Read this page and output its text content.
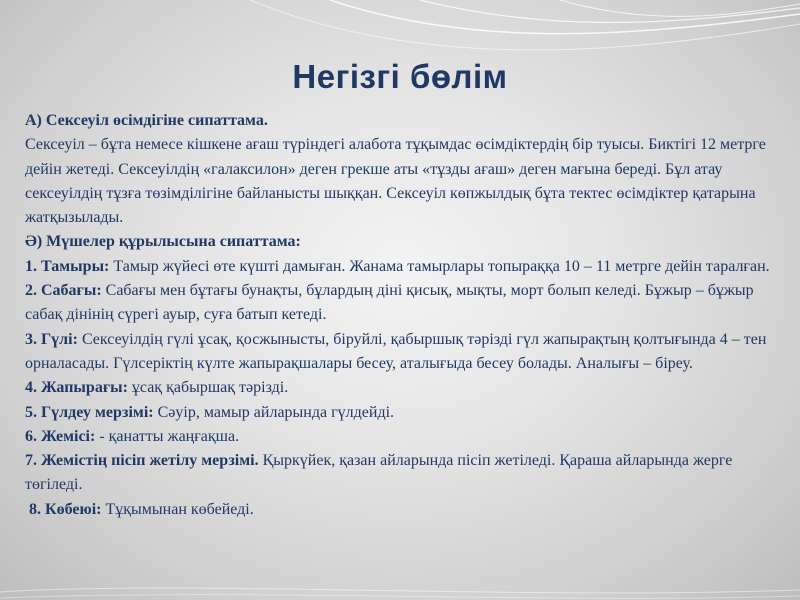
Негізгі бөлім

А) Сексеуіл өсімдігіне сипаттама.

Сексеуіл – бұта немесе кішкене ағаш түріндегі алабота тұқымдас өсімдіктердің бір туысы. Биктігі 12 метрге дейін жетеді. Сексеуілдің «галаксилон» деген грекше аты «тұзды ағаш» деген мағына береді. Бұл атау сексеуілдің тұзға төзімділігіне байланысты шыққан. Сексеуіл көпжылдық бұта тектес өсімдіктер қатарына жатқызылады.

Ә) Мүшелер құрылысына сипаттама:

1. Тамыры: Тамыр жүйесі өте күшті дамыған. Жанама тамырлары топыраққа 10 – 11 метрге дейін таралған.

2. Сабағы: Сабағы мен бұтағы бунақты, бұлардың діні қисық, мықты, морт болып келеді. Бұжыр – бұжыр сабақ дінінің сүрегі ауыр, суға батып кетеді.

3. Гүлі: Сексеуілдің гүлі ұсақ, қосжынысты, біруйлі, қабыршық тәрізді гүл жапырақтың қолтығында 4 – тен орналасады. Гүлсеріктің күлте жапырақшалары бесеу, аталығыда бесеу болады. Аналығы – біреу.

4. Жапырағы: ұсақ қабыршақ тәрізді.

5. Гүлдеу мерзімі: Сәуір, мамыр айларында гүлдейді.

6. Жемісі: - қанатты жаңғақша.

7. Жемістің пісіп жетілу мерзімі. Қыркүйек, қазан айларында пісіп жетіледі. Қараша айларында жерге төгіледі.

8. Көбеюі: Тұқымынан көбейеді.
